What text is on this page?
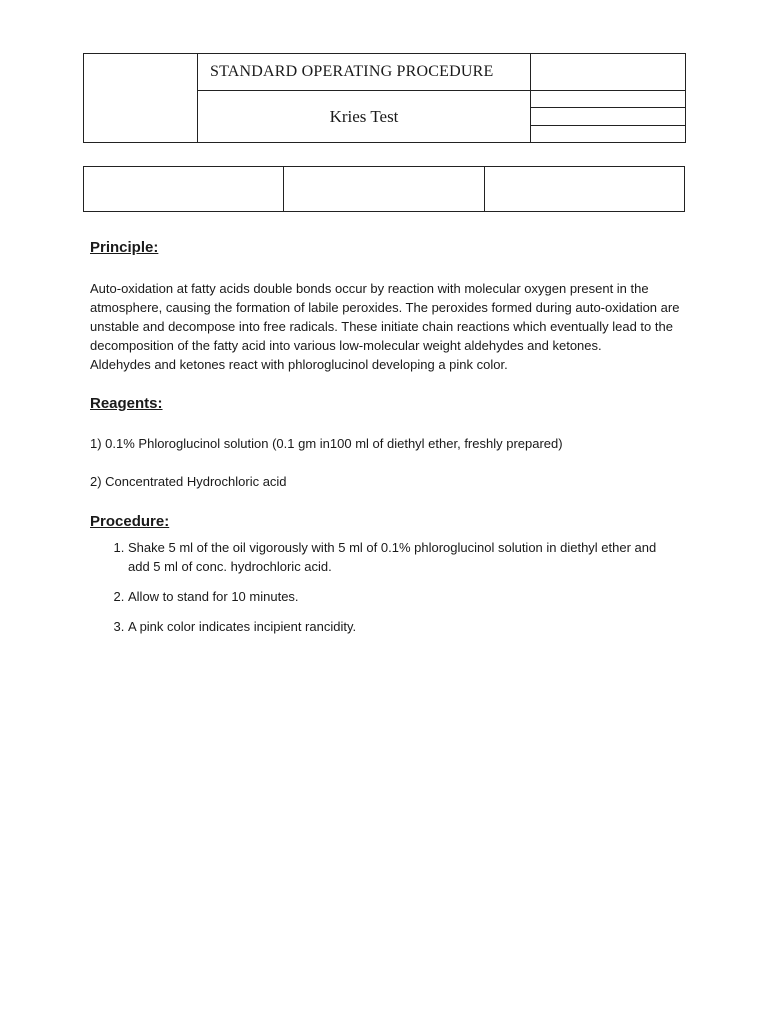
	STANDARD OPERATING PROCEDURE	
	Kries Test	

Principle:

Auto-oxidation at fatty acids double bonds occur by reaction with molecular oxygen present in the atmosphere, causing the formation of labile peroxides. The peroxides formed during auto-oxidation are unstable and decompose into free radicals. These initiate chain reactions which eventually lead to the decomposition of the fatty acid into various low-molecular weight aldehydes and ketones.

Aldehydes and ketones react with phloroglucinol developing a pink color.

Reagents:

1) 0.1% Phloroglucinol solution (0.1 gm in100 ml of diethyl ether, freshly prepared)

2) Concentrated Hydrochloric acid

Procedure:
1. Shake 5 ml of the oil vigorously with 5 ml of 0.1% phloroglucinol solution in diethyl ether and add 5 ml of conc. hydrochloric acid.
2. Allow to stand for 10 minutes.
3. A pink color indicates incipient rancidity.
